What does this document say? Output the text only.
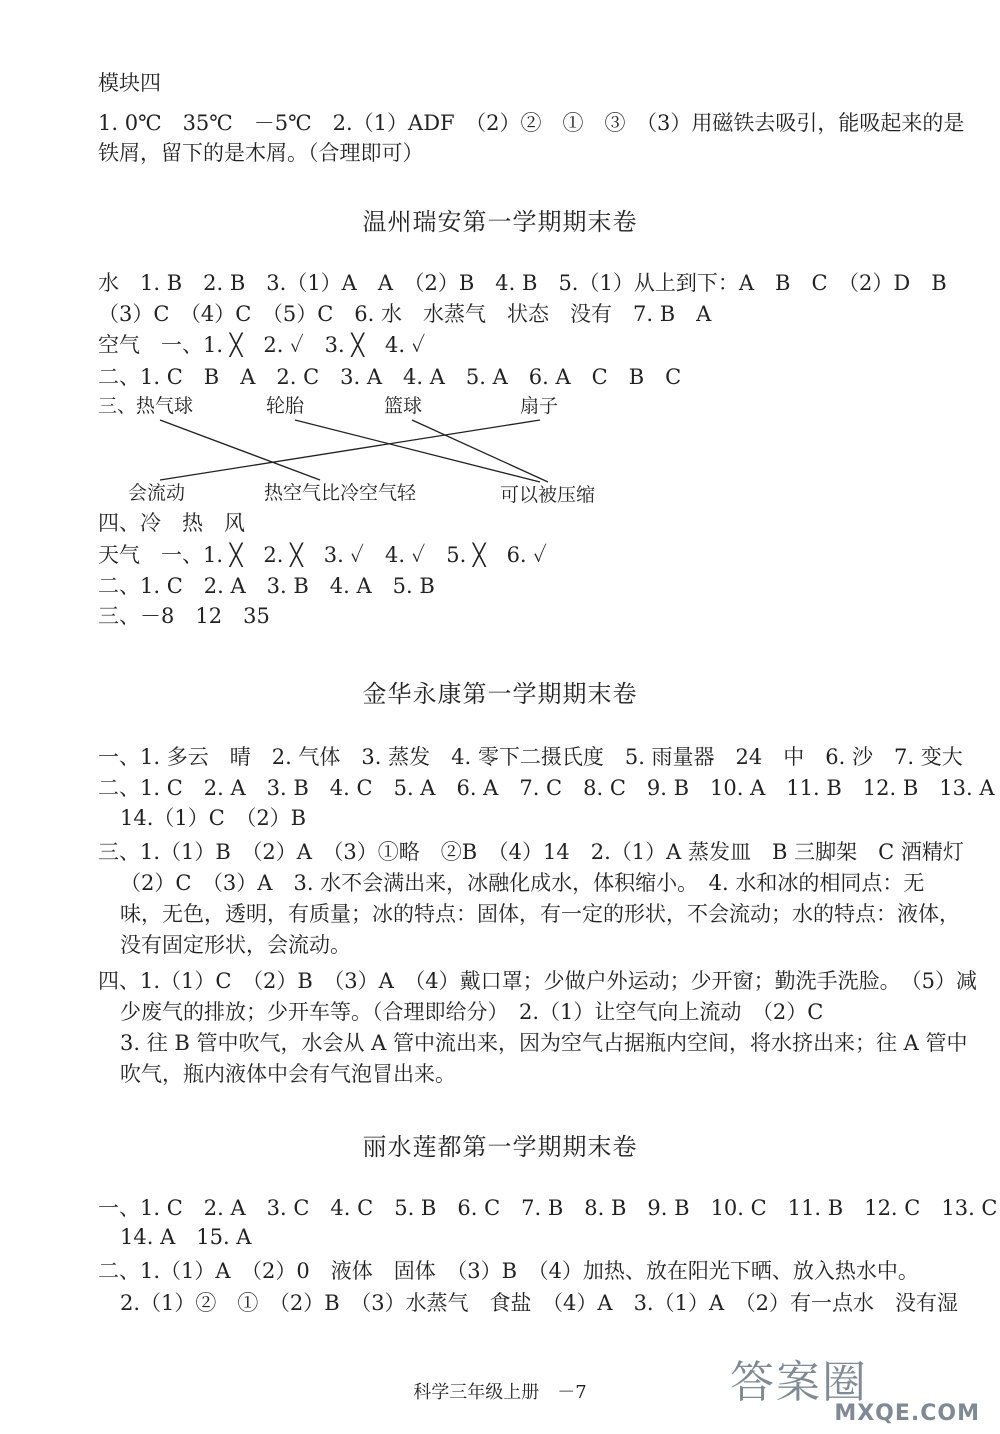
模块四
1. 0℃　35℃　－5℃　2.（1）ADF　（2）②　①　③　（3）用磁铁去吸引，能吸起来的是
铁屑，留下的是木屑。（合理即可）
温州瑞安第一学期期末卷
水　1. B　2. B　3.（1）A　A　（2）B　4. B　5.（1）从上到下：A　B　C　（2）D　B
（3）C　（4）C　（5）C　6. 水　水蒸气　状态　没有　7. B　A
空气　一、1. ╳　2. ✓　3. ╳　4. ✓
二、1. C　B　A　2. C　3. A　4. A　5. A　6. A　C　B　C
三、 热气球	轮胎	篮球	扇子
会流动	热空气比冷空气轻	可以被压缩
四、冷　热　风
天气　一、1. ╳　2. ╳　3. ✓　4. ✓　5. ╳　6. ✓
二、1. C　2. A　3. B　4. A　5. B
三、－8　12　35
金华永康第一学期期末卷
一、1. 多云　晴　2. 气体　3. 蒸发　4. 零下二摄氏度　5. 雨量器　24　中　6. 沙　7. 变大
二、1. C　2. A　3. B　4. C　5. A　6. A　7. C　8. C　9. B　10. A　11. B　12. B　13. A
14.（1）C　（2）B
三、1.（1）B　（2）A　（3）①略　②B　（4）14　2.（1）A 蒸发皿　B 三脚架　C 酒精灯
（2）C　（3）A　3. 水不会满出来，冰融化成水，体积缩小。　4. 水和冰的相同点：无
味，无色，透明，有质量；冰的特点：固体，有一定的形状，不会流动；水的特点：液体，
没有固定形状，会流动。
四、1.（1）C　（2）B　（3）A　（4）戴口罩；少做户外运动；少开窗；勤洗手洗脸。　（5）减
少废气的排放；少开车等。（合理即给分）　2.（1）让空气向上流动　（2）C
3. 往 B 管中吹气，水会从 A 管中流出来，因为空气占据瓶内空间，将水挤出来；往 A 管中
吹气，瓶内液体中会有气泡冒出来。
丽水莲都第一学期期末卷
一、1. C　2. A　3. C　4. C　5. B　6. C　7. B　8. B　9. B　10. C　11. B　12. C　13. C
14. A　15. A
二、1.（1）A　（2）0　液体　固体　（3）B　（4）加热、放在阳光下晒、放入热水中。
2.（1）②　①　（2）B　（3）水蒸气　食盐　（4）A　3.（1）A　（2）有一点水　没有湿
科学三年级上册　－7	答案圈
MXQE.COM
